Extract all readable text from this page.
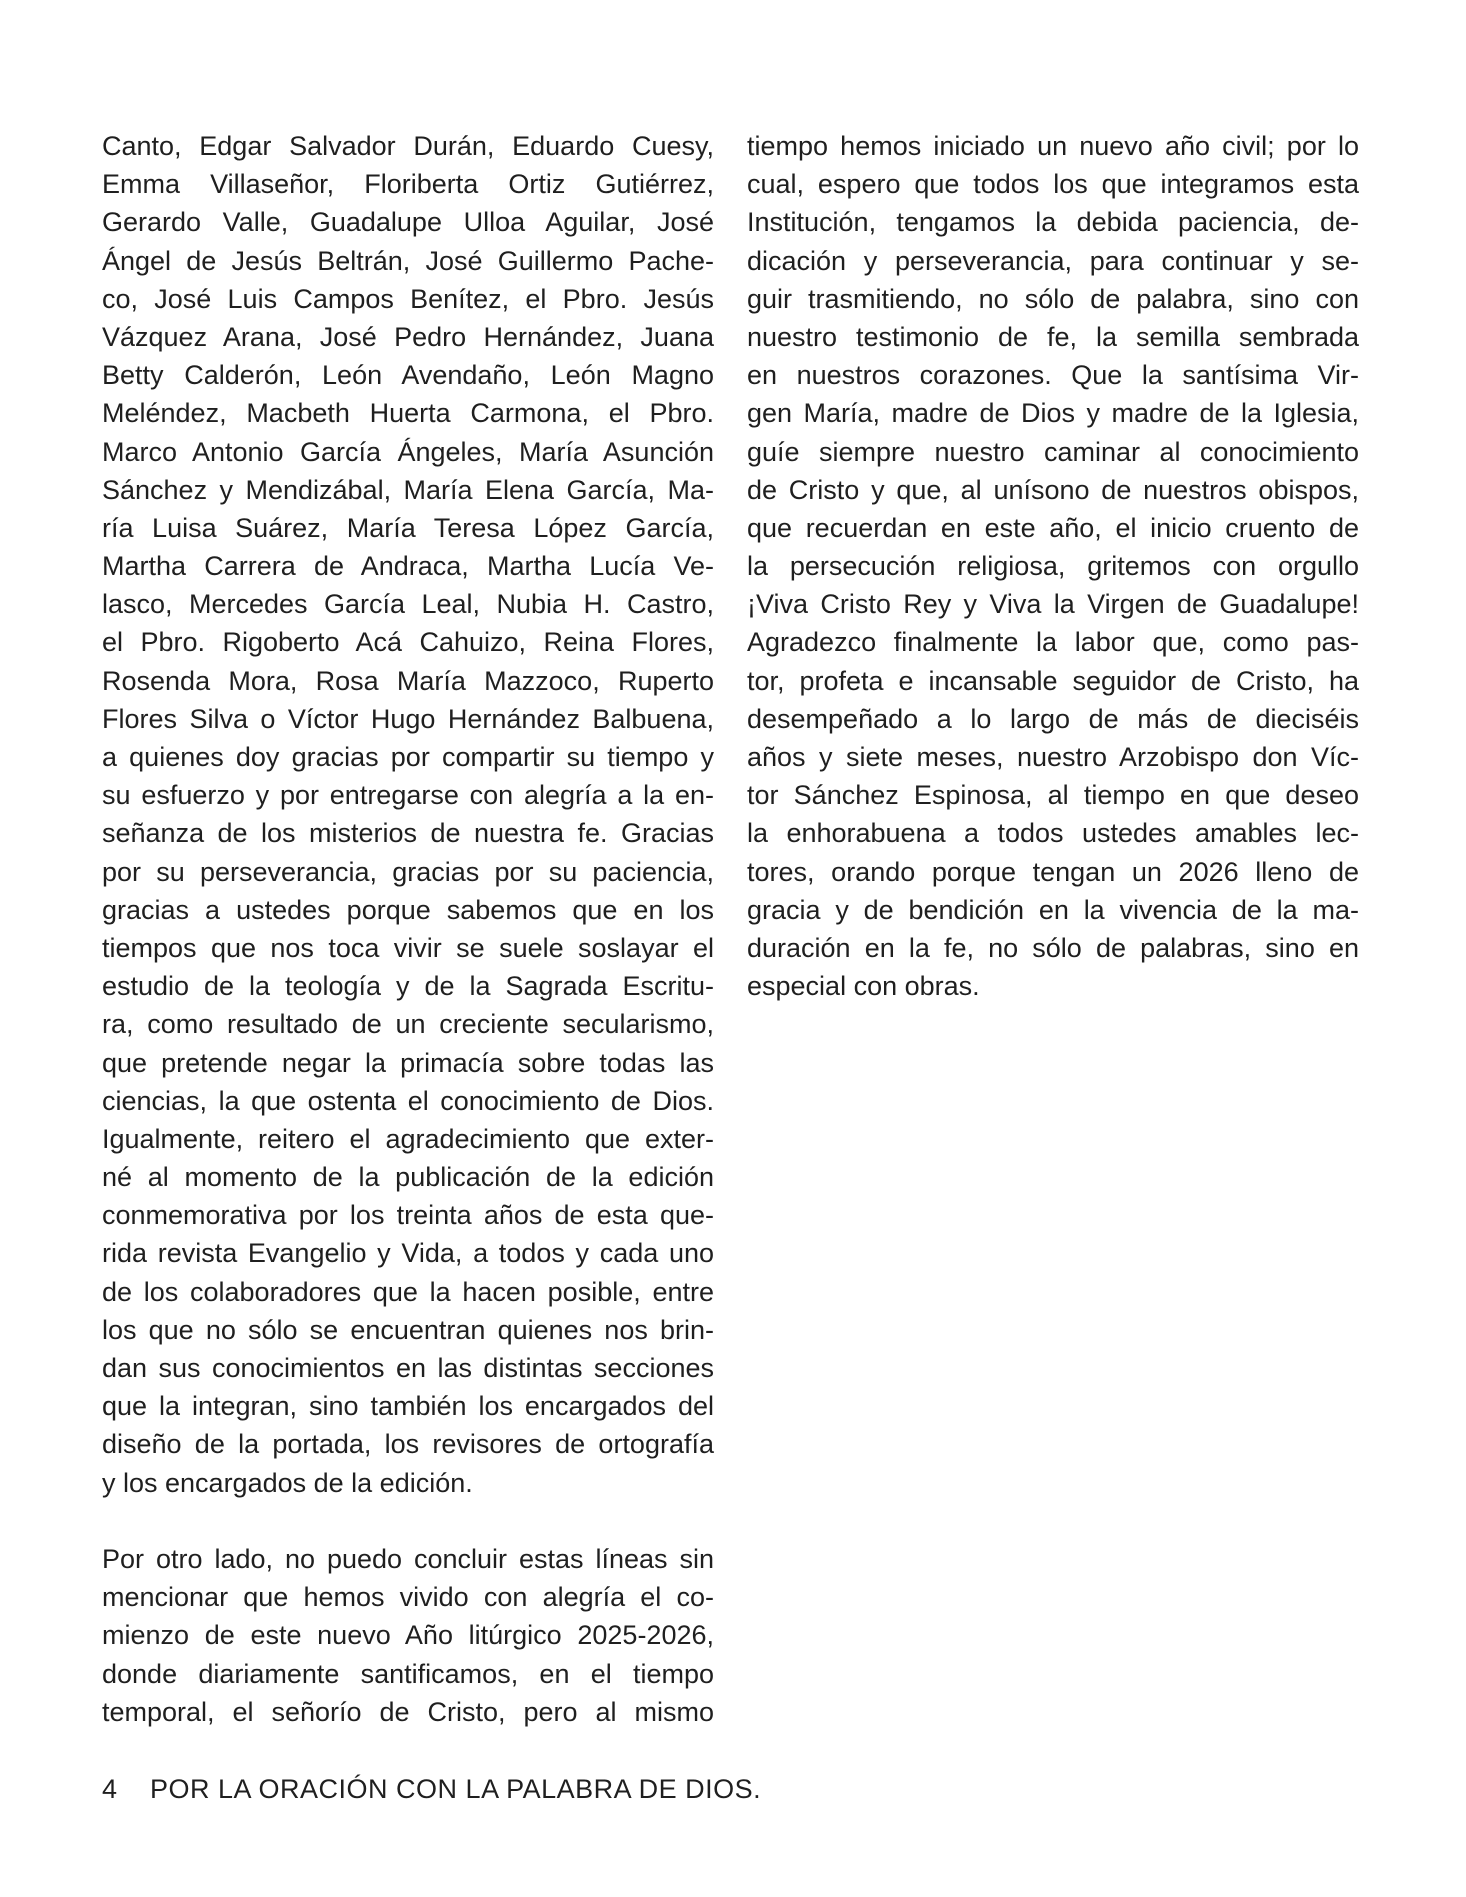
Canto, Edgar Salvador Durán, Eduardo Cuesy,
Emma Villaseñor, Floriberta Ortiz Gutiérrez,
Gerardo Valle, Guadalupe Ulloa Aguilar, José
Ángel de Jesús Beltrán, José Guillermo Pache-
co, José Luis Campos Benítez, el Pbro. Jesús
Vázquez Arana, José Pedro Hernández, Juana
Betty Calderón, León Avendaño, León Magno
Meléndez, Macbeth Huerta Carmona, el Pbro.
Marco Antonio García Ángeles, María Asunción
Sánchez y Mendizábal, María Elena García, Ma-
ría Luisa Suárez, María Teresa López García,
Martha Carrera de Andraca, Martha Lucía Ve-
lasco, Mercedes García Leal, Nubia H. Castro,
el Pbro. Rigoberto Acá Cahuizo, Reina Flores,
Rosenda Mora, Rosa María Mazzoco, Ruperto
Flores Silva o Víctor Hugo Hernández Balbuena,
a quienes doy gracias por compartir su tiempo y
su esfuerzo y por entregarse con alegría a la en-
señanza de los misterios de nuestra fe. Gracias
por su perseverancia, gracias por su paciencia,
gracias a ustedes porque sabemos que en los
tiempos que nos toca vivir se suele soslayar el
estudio de la teología y de la Sagrada Escritu-
ra, como resultado de un creciente secularismo,
que pretende negar la primacía sobre todas las
ciencias, la que ostenta el conocimiento de Dios.
Igualmente, reitero el agradecimiento que exter-
né al momento de la publicación de la edición
conmemorativa por los treinta años de esta que-
rida revista Evangelio y Vida, a todos y cada uno
de los colaboradores que la hacen posible, entre
los que no sólo se encuentran quienes nos brin-
dan sus conocimientos en las distintas secciones
que la integran, sino también los encargados del
diseño de la portada, los revisores de ortografía
y los encargados de la edición.
Por otro lado, no puedo concluir estas líneas sin
mencionar que hemos vivido con alegría el co-
mienzo de este nuevo Año litúrgico 2025-2026,
donde diariamente santificamos, en el tiempo
temporal, el señorío de Cristo, pero al mismo
tiempo hemos iniciado un nuevo año civil; por lo
cual, espero que todos los que integramos esta
Institución, tengamos la debida paciencia, de-
dicación y perseverancia, para continuar y se-
guir trasmitiendo, no sólo de palabra, sino con
nuestro testimonio de fe, la semilla sembrada
en nuestros corazones. Que la santísima Vir-
gen María, madre de Dios y madre de la Iglesia,
guíe siempre nuestro caminar al conocimiento
de Cristo y que, al unísono de nuestros obispos,
que recuerdan en este año, el inicio cruento de
la persecución religiosa, gritemos con orgullo
¡Viva Cristo Rey y Viva la Virgen de Guadalupe!
Agradezco finalmente la labor que, como pas-
tor, profeta e incansable seguidor de Cristo, ha
desempeñado a lo largo de más de dieciséis
años y siete meses, nuestro Arzobispo don Víc-
tor Sánchez Espinosa, al tiempo en que deseo
la enhorabuena a todos ustedes amables lec-
tores, orando porque tengan un 2026 lleno de
gracia y de bendición en la vivencia de la ma-
duración en la fe, no sólo de palabras, sino en
especial con obras.
4 POR LA ORACIÓN CON LA PALABRA DE DIOS.
